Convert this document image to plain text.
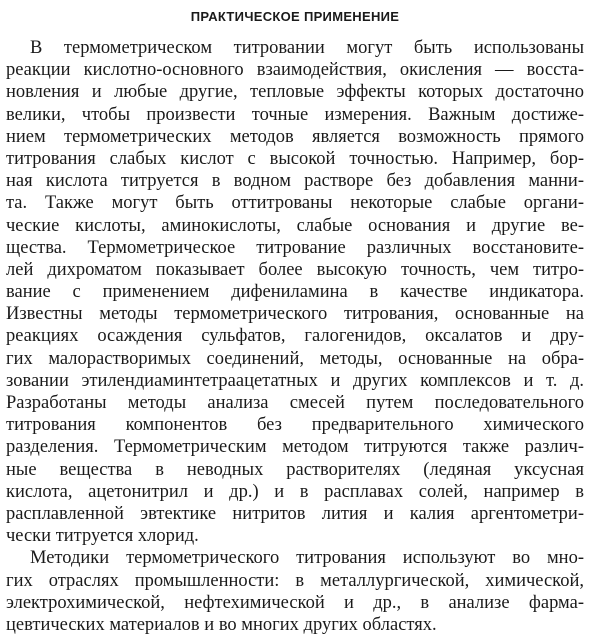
ПРАКТИЧЕСКОЕ ПРИМЕНЕНИЕ
В термометрическом титровании могут быть использованы
реакции кислотно-основного взаимодействия, окисления — восста-
новления и любые другие, тепловые эффекты которых достаточно
велики, чтобы произвести точные измерения. Важным достиже-
нием термометрических методов является возможность прямого
титрования слабых кислот с высокой точностью. Например, бор-
ная кислота титруется в водном растворе без добавления манни-
та. Также могут быть оттитрованы некоторые слабые органи-
ческие кислоты, аминокислоты, слабые основания и другие ве-
щества. Термометрическое титрование различных восстановите-
лей дихроматом показывает более высокую точность, чем титро-
вание с применением дифениламина в качестве индикатора.
Известны методы термометрического титрования, основанные на
реакциях осаждения сульфатов, галогенидов, оксалатов и дру-
гих малорастворимых соединений, методы, основанные на обра-
зовании этилендиаминтетраацетатных и других комплексов и т. д.
Разработаны методы анализа смесей путем последовательного
титрования компонентов без предварительного химического
разделения. Термометрическим методом титруются также различ-
ные вещества в неводных растворителях (ледяная уксусная
кислота, ацетонитрил и др.) и в расплавах солей, например в
расплавленной эвтектике нитритов лития и калия аргентометри-
чески титруется хлорид.
Методики термометрического титрования используют во мно-
гих отраслях промышленности: в металлургической, химической,
электрохимической, нефтехимической и др., в анализе фарма-
цевтических материалов и во многих других областях.
